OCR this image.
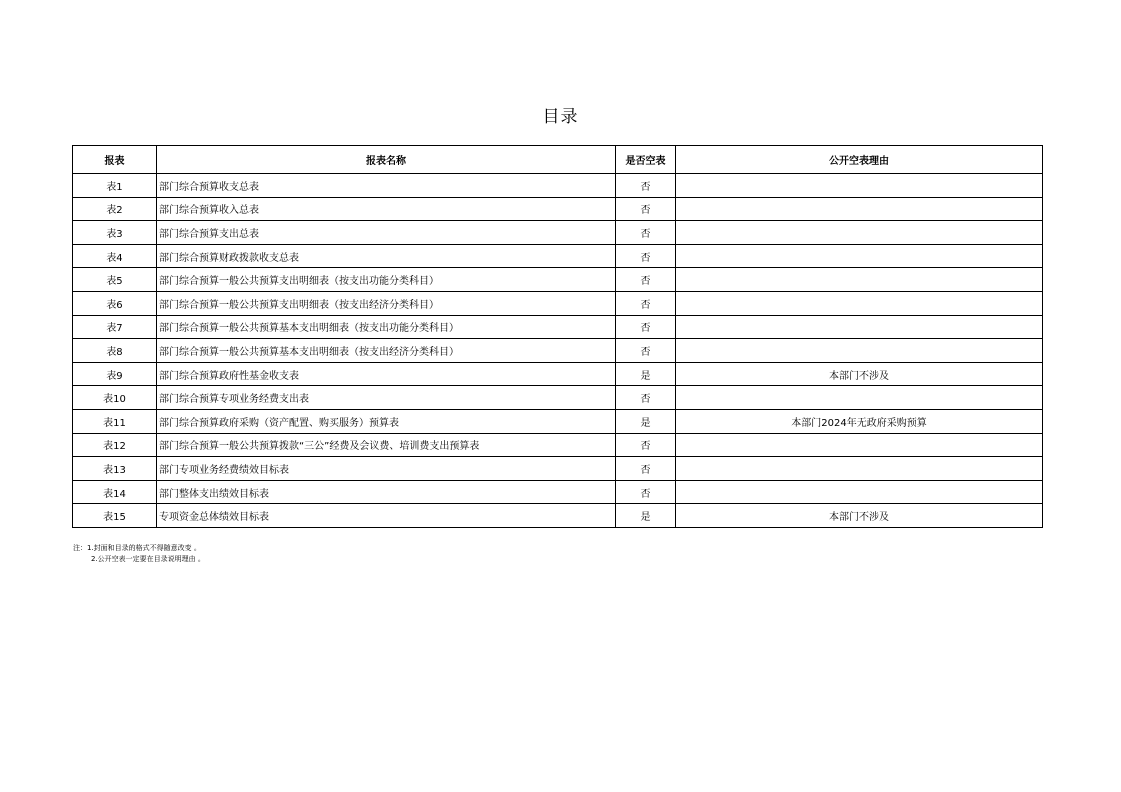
目录
报表	报表名称	是否空表	公开空表理由
表1	部门综合预算收支总表	否	
表2	部门综合预算收入总表	否	
表3	部门综合预算支出总表	否	
表4	部门综合预算财政拨款收支总表	否	
表5	部门综合预算一般公共预算支出明细表（按支出功能分类科目）	否	
表6	部门综合预算一般公共预算支出明细表（按支出经济分类科目）	否	
表7	部门综合预算一般公共预算基本支出明细表（按支出功能分类科目）	否	
表8	部门综合预算一般公共预算基本支出明细表（按支出经济分类科目）	否	
表9	部门综合预算政府性基金收支表	是	本部门不涉及
表10	部门综合预算专项业务经费支出表	否	
表11	部门综合预算政府采购（资产配置、购买服务）预算表	是	本部门2024年无政府采购预算
表12	部门综合预算一般公共预算拨款“三公”经费及会议费、培训费支出预算表	否	
表13	部门专项业务经费绩效目标表	否	
表14	部门整体支出绩效目标表	否	
表15	专项资金总体绩效目标表	是	本部门不涉及
注：1.封面和目录的格式不得随意改变 。
2.公开空表一定要在目录说明理由 。
